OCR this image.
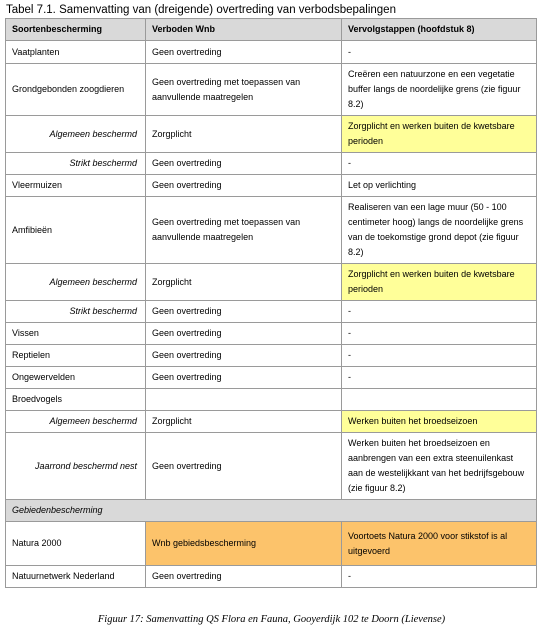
Tabel 7.1. Samenvatting van (dreigende) overtreding van verbodsbepalingen
Soortenbescherming	Verboden Wnb	Vervolgstappen (hoofdstuk 8)
Vaatplanten	Geen overtreding	-
Grondgebonden zoogdieren	Geen overtreding met toepassen van aanvullende maatregelen	Creëren een natuurzone en een vegetatie buffer langs de noordelijke grens (zie figuur 8.2)
Algemeen beschermd	Zorgplicht	Zorgplicht en werken buiten de kwetsbare perioden
Strikt beschermd	Geen overtreding	-
Vleermuizen	Geen overtreding	Let op verlichting
Amfibieën	Geen overtreding met toepassen van aanvullende maatregelen	Realiseren van een lage muur (50 - 100 centimeter hoog) langs de noordelijke grens van de toekomstige grond depot (zie figuur 8.2)
Algemeen beschermd	Zorgplicht	Zorgplicht en werken buiten de kwetsbare perioden
Strikt beschermd	Geen overtreding	-
Vissen	Geen overtreding	-
Reptielen	Geen overtreding	-
Ongewervelden	Geen overtreding	-
Broedvogels		
Algemeen beschermd	Zorgplicht	Werken buiten het broedseizoen
Jaarrond beschermd nest	Geen overtreding	Werken buiten het broedseizoen en aanbrengen van een extra steenuilenkast aan de westelijkkant van het bedrijfsgebouw (zie figuur 8.2)
Gebiedenbescherming		
Natura 2000	Wnb gebiedsbescherming	Voortoets Natura 2000 voor stikstof is al uitgevoerd
Natuurnetwerk Nederland	Geen overtreding	-
Figuur 17: Samenvatting QS Flora en Fauna, Gooyerdijk 102 te Doorn (Lievense)
